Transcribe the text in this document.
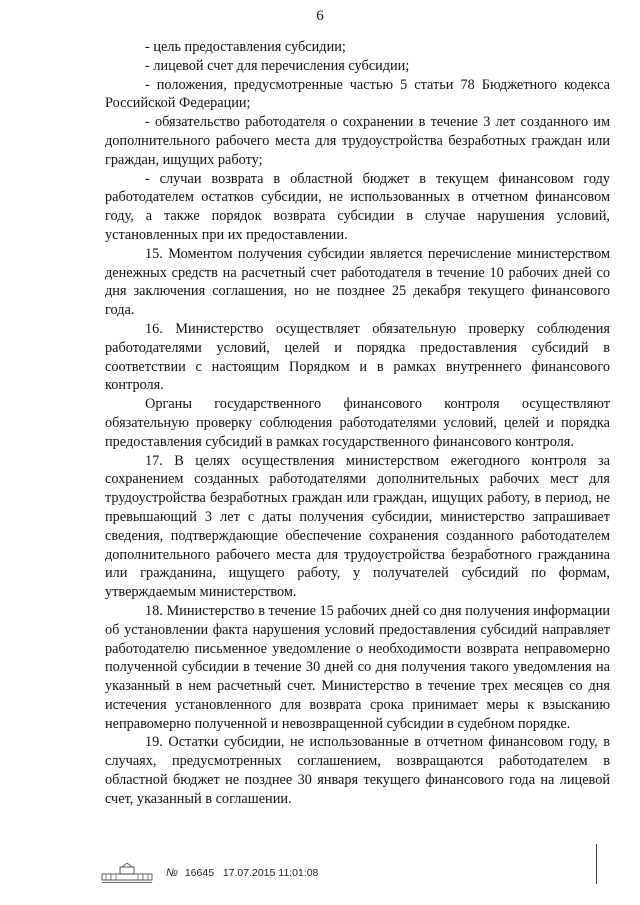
6

- цель предоставления субсидии;

- лицевой счет для перечисления субсидии;

- положения, предусмотренные частью 5 статьи 78 Бюджетного кодекса Российской Федерации;

- обязательство работодателя о сохранении в течение 3 лет созданного им дополнительного рабочего места для трудоустройства безработных граждан или граждан, ищущих работу;

- случаи возврата в областной бюджет в текущем финансовом году работодателем остатков субсидии, не использованных в отчетном финансовом году, а также порядок возврата субсидии в случае нарушения условий, установленных при их предоставлении.

15. Моментом получения субсидии является перечисление министерством денежных средств на расчетный счет работодателя в течение 10 рабочих дней со дня заключения соглашения, но не позднее 25 декабря текущего финансового года.

16. Министерство осуществляет обязательную проверку соблюдения работодателями условий, целей и порядка предоставления субсидий в соответствии с настоящим Порядком и в рамках внутреннего финансового контроля.

Органы государственного финансового контроля осуществляют обязательную проверку соблюдения работодателями условий, целей и порядка предоставления субсидий в рамках государственного финансового контроля.

17. В целях осуществления министерством ежегодного контроля за сохранением созданных работодателями дополнительных рабочих мест для трудоустройства безработных граждан или граждан, ищущих работу, в период, не превышающий 3 лет с даты получения субсидии, министерство запрашивает сведения, подтверждающие обеспечение сохранения созданного работодателем дополнительного рабочего места для трудоустройства безработного гражданина или гражданина, ищущего работу, у получателей субсидий по формам, утверждаемым министерством.

18. Министерство в течение 15 рабочих дней со дня получения информации об установлении факта нарушения условий предоставления субсидий направляет работодателю письменное уведомление о необходимости возврата неправомерно полученной субсидии в течение 30 дней со дня получения такого уведомления на указанный в нем расчетный счет. Министерство в течение трех месяцев со дня истечения установленного для возврата срока принимает меры к взысканию неправомерно полученной и невозвращенной субсидии в судебном порядке.

19. Остатки субсидии, не использованные в отчетном финансовом году, в случаях, предусмотренных соглашением, возвращаются работодателем в областной бюджет не позднее 30 января текущего финансового года на лицевой счет, указанный в соглашении.

№ 16645 17.07.2015 11:01:08
